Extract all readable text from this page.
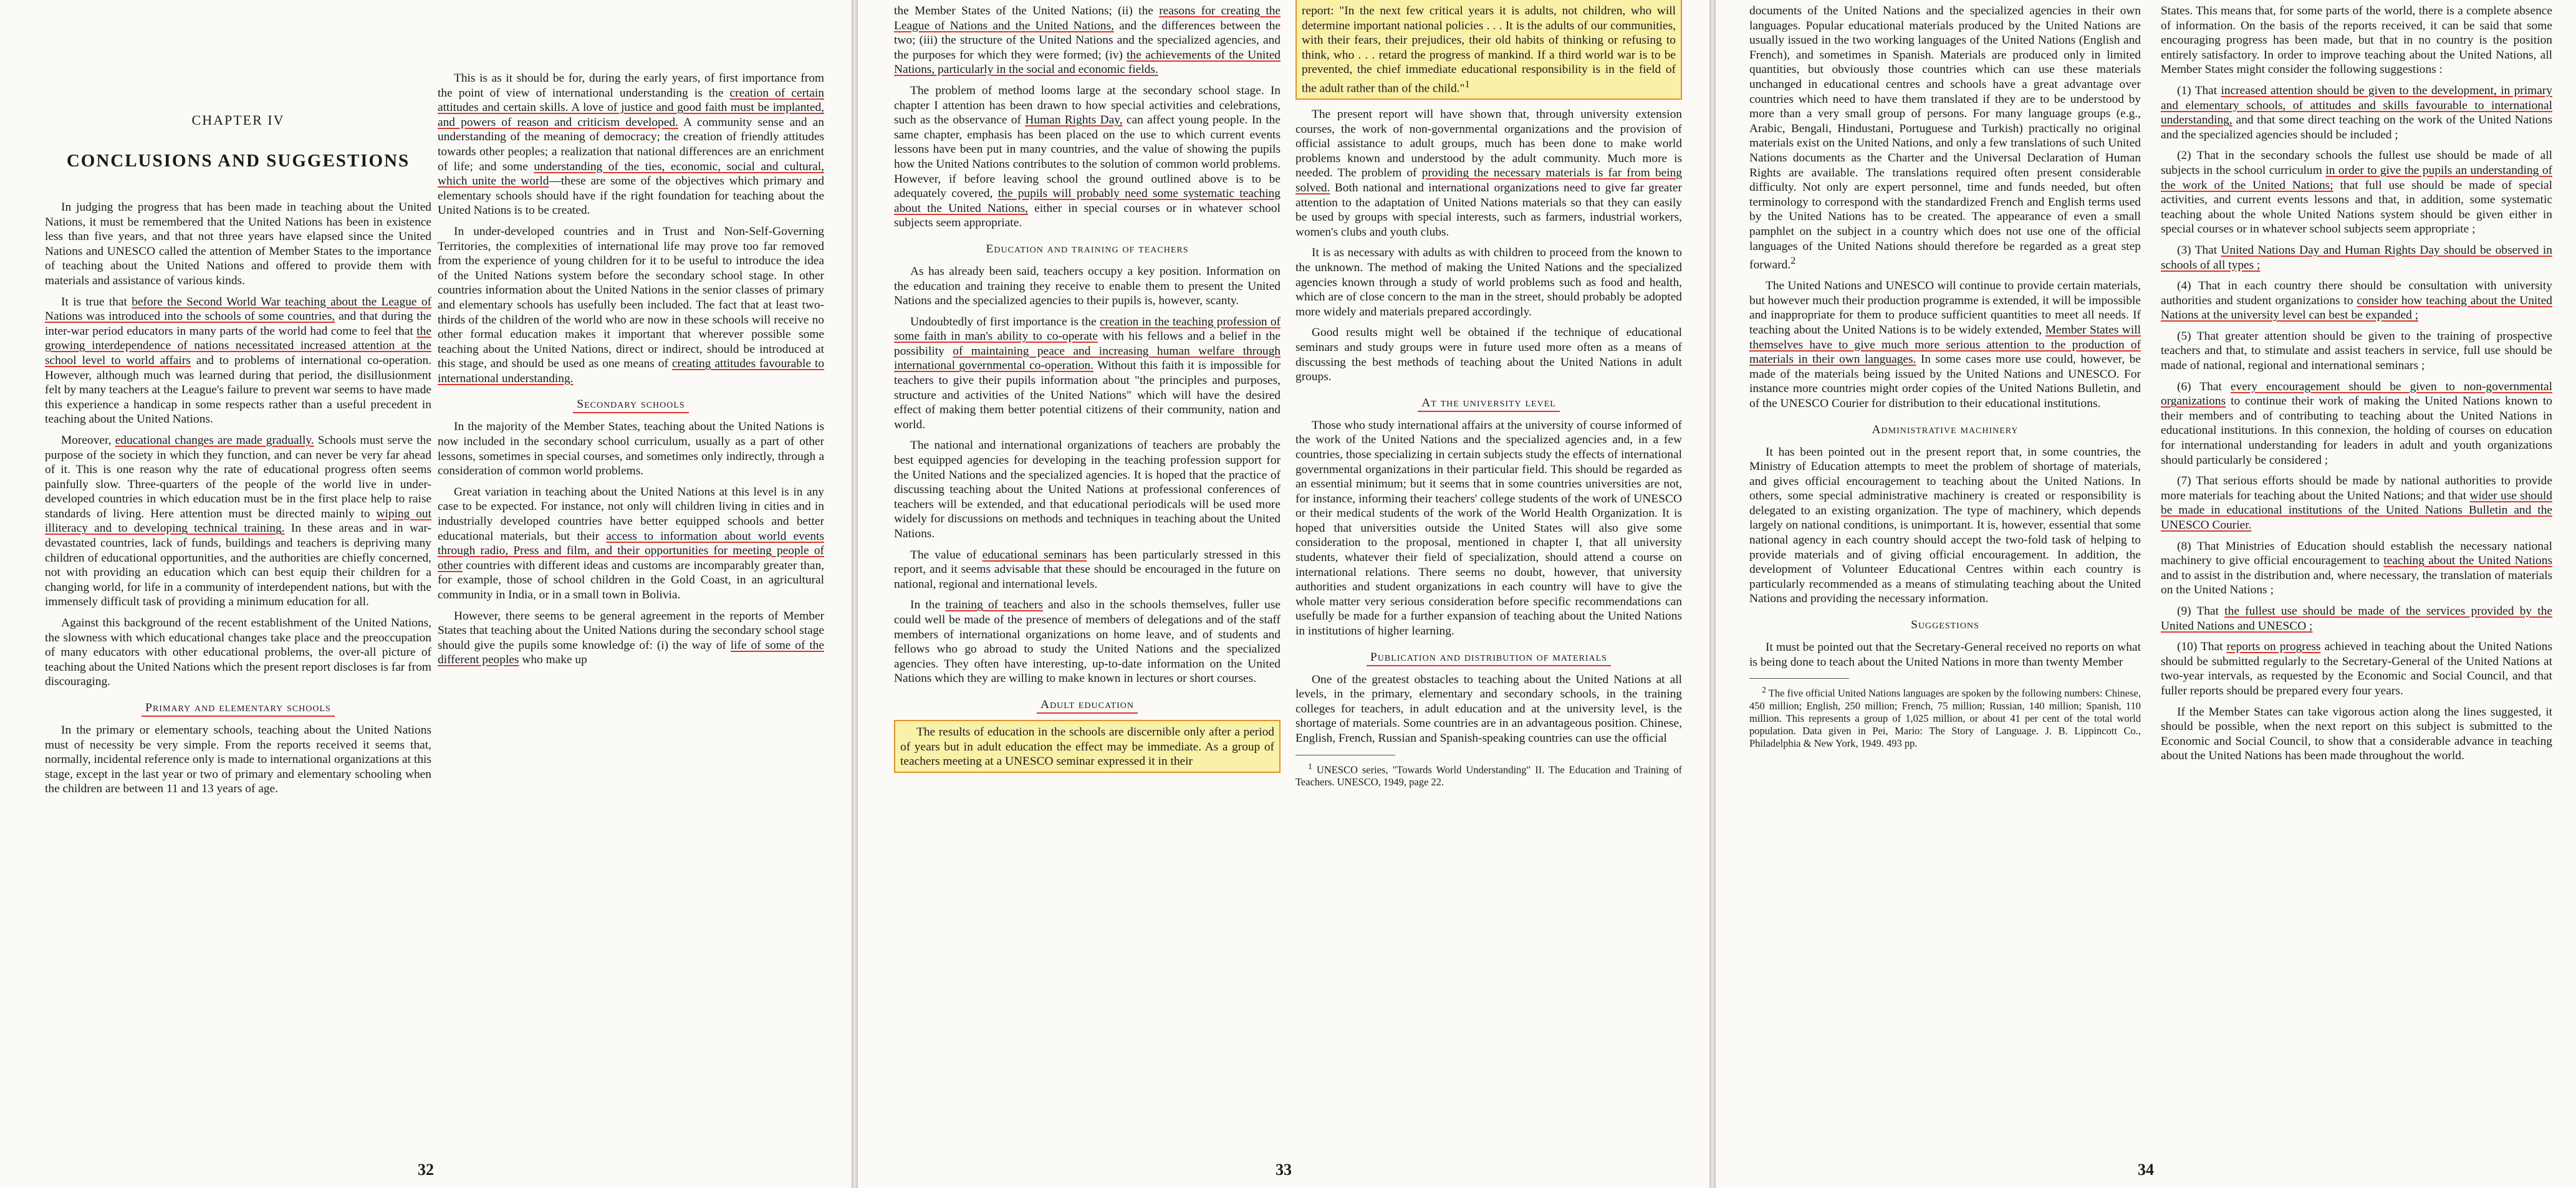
CHAPTER IV
CONCLUSIONS AND SUGGESTIONS

In judging the progress that has been made in teaching about the United Nations, it must be remembered that the United Nations has been in existence less than five years, and that not three years have elapsed since the United Nations and UNESCO called the attention of Member States to the importance of teaching about the United Nations and offered to provide them with materials and assistance of various kinds.

It is true that before the Second World War teaching about the League of Nations was introduced into the schools of some countries, and that during the inter-war period educators in many parts of the world had come to feel that the growing interdependence of nations necessitated increased attention at the school level to world affairs and to problems of international co-operation. However, although much was learned during that period, the disillusionment felt by many teachers at the League's failure to prevent war seems to have made this experience a handicap in some respects rather than a useful precedent in teaching about the United Nations.

Moreover, educational changes are made gradually. Schools must serve the purpose of the society in which they function, and can never be very far ahead of it. This is one reason why the rate of educational progress often seems painfully slow. Three-quarters of the people of the world live in under-developed countries in which education must be in the first place help to raise standards of living. Here attention must be directed mainly to wiping out illiteracy and to developing technical training. In these areas and in war-devastated countries, lack of funds, buildings and teachers is depriving many children of educational opportunities, and the authorities are chiefly concerned, not with providing an education which can best equip their children for a changing world, for life in a community of interdependent nations, but with the immensely difficult task of providing a minimum education for all.

Against this background of the recent establishment of the United Nations, the slowness with which educational changes take place and the preoccupation of many educators with other educational problems, the over-all picture of teaching about the United Nations which the present report discloses is far from discouraging.

Primary and elementary schools

In the primary or elementary schools, teaching about the United Nations must of necessity be very simple. From the reports received it seems that, normally, incidental reference only is made to international organizations at this stage, except in the last year or two of primary and elementary schooling when the children are between 11 and 13 years of age.

This is as it should be for, during the early years, of first importance from the point of view of international understanding is the creation of certain attitudes and certain skills. A love of justice and good faith must be implanted, and powers of reason and criticism developed. A community sense and an understanding of the meaning of democracy; the creation of friendly attitudes towards other peoples; a realization that national differences are an enrichment of life; and some understanding of the ties, economic, social and cultural, which unite the world—these are some of the objectives which primary and elementary schools should have if the right foundation for teaching about the United Nations is to be created.

In under-developed countries and in Trust and Non-Self-Governing Territories, the complexities of international life may prove too far removed from the experience of young children for it to be useful to introduce the idea of the United Nations system before the secondary school stage. In other countries information about the United Nations in the senior classes of primary and elementary schools has usefully been included. The fact that at least two-thirds of the children of the world who are now in these schools will receive no other formal education makes it important that wherever possible some teaching about the United Nations, direct or indirect, should be introduced at this stage, and should be used as one means of creating attitudes favourable to international understanding.

Secondary schools

In the majority of the Member States, teaching about the United Nations is now included in the secondary school curriculum, usually as a part of other lessons, sometimes in special courses, and sometimes only indirectly, through a consideration of common world problems.

Great variation in teaching about the United Nations at this level is in any case to be expected. For instance, not only will children living in cities and in industrially developed countries have better equipped schools and better educational materials, but their access to information about world events through radio, Press and film, and their opportunities for meeting people of other countries with different ideas and customs are incomparably greater than, for example, those of school children in the Gold Coast, in an agricultural community in India, or in a small town in Bolivia.

However, there seems to be general agreement in the reports of Member States that teaching about the United Nations during the secondary school stage should give the pupils some knowledge of: (i) the way of life of some of the different peoples who make up

32

the Member States of the United Nations; (ii) the reasons for creating the League of Nations and the United Nations, and the differences between the two; (iii) the structure of the United Nations and the specialized agencies, and the purposes for which they were formed; (iv) the achievements of the United Nations, particularly in the social and economic fields.

The problem of method looms large at the secondary school stage. In chapter I attention has been drawn to how special activities and celebrations, such as the observance of Human Rights Day, can affect young people. In the same chapter, emphasis has been placed on the use to which current events lessons have been put in many countries, and the value of showing the pupils how the United Nations contributes to the solution of common world problems. However, if before leaving school the ground outlined above is to be adequately covered, the pupils will probably need some systematic teaching about the United Nations, either in special courses or in whatever school subjects seem appropriate.

Education and training of teachers

As has already been said, teachers occupy a key position. Information on the education and training they receive to enable them to present the United Nations and the specialized agencies to their pupils is, however, scanty.

Undoubtedly of first importance is the creation in the teaching profession of some faith in man's ability to co-operate with his fellows and a belief in the possibility of maintaining peace and increasing human welfare through international governmental co-operation. Without this faith it is impossible for teachers to give their pupils information about "the principles and purposes, structure and activities of the United Nations" which will have the desired effect of making them better potential citizens of their community, nation and world.

The national and international organizations of teachers are probably the best equipped agencies for developing in the teaching profession support for the United Nations and the specialized agencies. It is hoped that the practice of discussing teaching about the United Nations at professional conferences of teachers will be extended, and that educational periodicals will be used more widely for discussions on methods and techniques in teaching about the United Nations.

The value of educational seminars has been particularly stressed in this report, and it seems advisable that these should be encouraged in the future on national, regional and international levels.

In the training of teachers and also in the schools themselves, fuller use could well be made of the presence of members of delegations and of the staff members of international organizations on home leave, and of students and fellows who go abroad to study the United Nations and the specialized agencies. They often have interesting, up-to-date information on the United Nations which they are willing to make known in lectures or short courses.

Adult education

The results of education in the schools are discernible only after a period of years but in adult education the effect may be immediate. As a group of teachers meeting at a UNESCO seminar expressed it in their

report: "In the next few critical years it is adults, not children, who will determine important national policies . . . It is the adults of our communities, with their fears, their prejudices, their old habits of thinking or refusing to think, who . . . retard the progress of mankind. If a third world war is to be prevented, the chief immediate educational responsibility is in the field of the adult rather than of the child."$^1$

The present report will have shown that, through university extension courses, the work of non-governmental organizations and the provision of official assistance to adult groups, much has been done to make world problems known and understood by the adult community. Much more is needed. The problem of providing the necessary materials is far from being solved. Both national and international organizations need to give far greater attention to the adaptation of United Nations materials so that they can easily be used by groups with special interests, such as farmers, industrial workers, women's clubs and youth clubs.

It is as necessary with adults as with children to proceed from the known to the unknown. The method of making the United Nations and the specialized agencies known through a study of world problems such as food and health, which are of close concern to the man in the street, should probably be adopted more widely and materials prepared accordingly.

Good results might well be obtained if the technique of educational seminars and study groups were in future used more often as a means of discussing the best methods of teaching about the United Nations in adult groups.

At the university level

Those who study international affairs at the university of course informed of the work of the United Nations and the specialized agencies and, in a few countries, those specializing in certain subjects study the effects of international governmental organizations in their particular field. This should be regarded as an essential minimum; but it seems that in some countries universities are not, for instance, informing their teachers' college students of the work of UNESCO or their medical students of the work of the World Health Organization. It is hoped that universities outside the United States will also give some consideration to the proposal, mentioned in chapter I, that all university students, whatever their field of specialization, should attend a course on international relations. There seems no doubt, however, that university authorities and student organizations in each country will have to give the whole matter very serious consideration before specific recommendations can usefully be made for a further expansion of teaching about the United Nations in institutions of higher learning.

Publication and distribution of materials

One of the greatest obstacles to teaching about the United Nations at all levels, in the primary, elementary and secondary schools, in the training colleges for teachers, in adult education and at the university level, is the shortage of materials. Some countries are in an advantageous position. Chinese, English, French, Russian and Spanish-speaking countries can use the official

$^1$ UNESCO series, "Towards World Understanding" II. The Education and Training of Teachers. UNESCO, 1949, page 22.

33

documents of the United Nations and the specialized agencies in their own languages. Popular educational materials produced by the United Nations are usually issued in the two working languages of the United Nations (English and French), and sometimes in Spanish. Materials are produced only in limited quantities, but obviously those countries which can use these materials unchanged in educational centres and schools have a great advantage over countries which need to have them translated if they are to be understood by more than a very small group of persons. For many language groups (e.g., Arabic, Bengali, Hindustani, Portuguese and Turkish) practically no original materials exist on the United Nations, and only a few translations of such United Nations documents as the Charter and the Universal Declaration of Human Rights are available. The translations required often present considerable difficulty. Not only are expert personnel, time and funds needed, but often terminology to correspond with the standardized French and English terms used by the United Nations has to be created. The appearance of even a small pamphlet on the subject in a country which does not use one of the official languages of the United Nations should therefore be regarded as a great step forward.$^2$

The United Nations and UNESCO will continue to provide certain materials, but however much their production programme is extended, it will be impossible and inappropriate for them to produce sufficient quantities to meet all needs. If teaching about the United Nations is to be widely extended, Member States will themselves have to give much more serious attention to the production of materials in their own languages. In some cases more use could, however, be made of the materials being issued by the United Nations and UNESCO. For instance more countries might order copies of the United Nations Bulletin, and of the UNESCO Courier for distribution to their educational institutions.

Administrative machinery

It has been pointed out in the present report that, in some countries, the Ministry of Education attempts to meet the problem of shortage of materials, and gives official encouragement to teaching about the United Nations. In others, some special administrative machinery is created or responsibility is delegated to an existing organization. The type of machinery, which depends largely on national conditions, is unimportant. It is, however, essential that some national agency in each country should accept the two-fold task of helping to provide materials and of giving official encouragement. In addition, the development of Volunteer Educational Centres within each country is particularly recommended as a means of stimulating teaching about the United Nations and providing the necessary information.

Suggestions

It must be pointed out that the Secretary-General received no reports on what is being done to teach about the United Nations in more than twenty Member

$^2$ The five official United Nations languages are spoken by the following numbers: Chinese, 450 million; English, 250 million; French, 75 million; Russian, 140 million; Spanish, 110 million. This represents a group of 1,025 million, or about 41 per cent of the total world population. Data given in Pei, Mario: The Story of Language. J. B. Lippincott Co., Philadelphia & New York, 1949. 493 pp.

States. This means that, for some parts of the world, there is a complete absence of information. On the basis of the reports received, it can be said that some encouraging progress has been made, but that in no country is the position entirely satisfactory. In order to improve teaching about the United Nations, all Member States might consider the following suggestions :

(1) That increased attention should be given to the development, in primary and elementary schools, of attitudes and skills favourable to international understanding, and that some direct teaching on the work of the United Nations and the specialized agencies should be included ;

(2) That in the secondary schools the fullest use should be made of all subjects in the school curriculum in order to give the pupils an understanding of the work of the United Nations; that full use should be made of special activities, and current events lessons and that, in addition, some systematic teaching about the whole United Nations system should be given either in special courses or in whatever school subjects seem appropriate ;

(3) That United Nations Day and Human Rights Day should be observed in schools of all types ;

(4) That in each country there should be consultation with university authorities and student organizations to consider how teaching about the United Nations at the university level can best be expanded ;

(5) That greater attention should be given to the training of prospective teachers and that, to stimulate and assist teachers in service, full use should be made of national, regional and international seminars ;

(6) That every encouragement should be given to non-governmental organizations to continue their work of making the United Nations known to their members and of contributing to teaching about the United Nations in educational institutions. In this connexion, the holding of courses on education for international understanding for leaders in adult and youth organizations should particularly be considered ;

(7) That serious efforts should be made by national authorities to provide more materials for teaching about the United Nations; and that wider use should be made in educational institutions of the United Nations Bulletin and the UNESCO Courier.

(8) That Ministries of Education should establish the necessary national machinery to give official encouragement to teaching about the United Nations and to assist in the distribution and, where necessary, the translation of materials on the United Nations ;

(9) That the fullest use should be made of the services provided by the United Nations and UNESCO ;

(10) That reports on progress achieved in teaching about the United Nations should be submitted regularly to the Secretary-General of the United Nations at two-year intervals, as requested by the Economic and Social Council, and that fuller reports should be prepared every four years.

If the Member States can take vigorous action along the lines suggested, it should be possible, when the next report on this subject is submitted to the Economic and Social Council, to show that a considerable advance in teaching about the United Nations has been made throughout the world.

34
